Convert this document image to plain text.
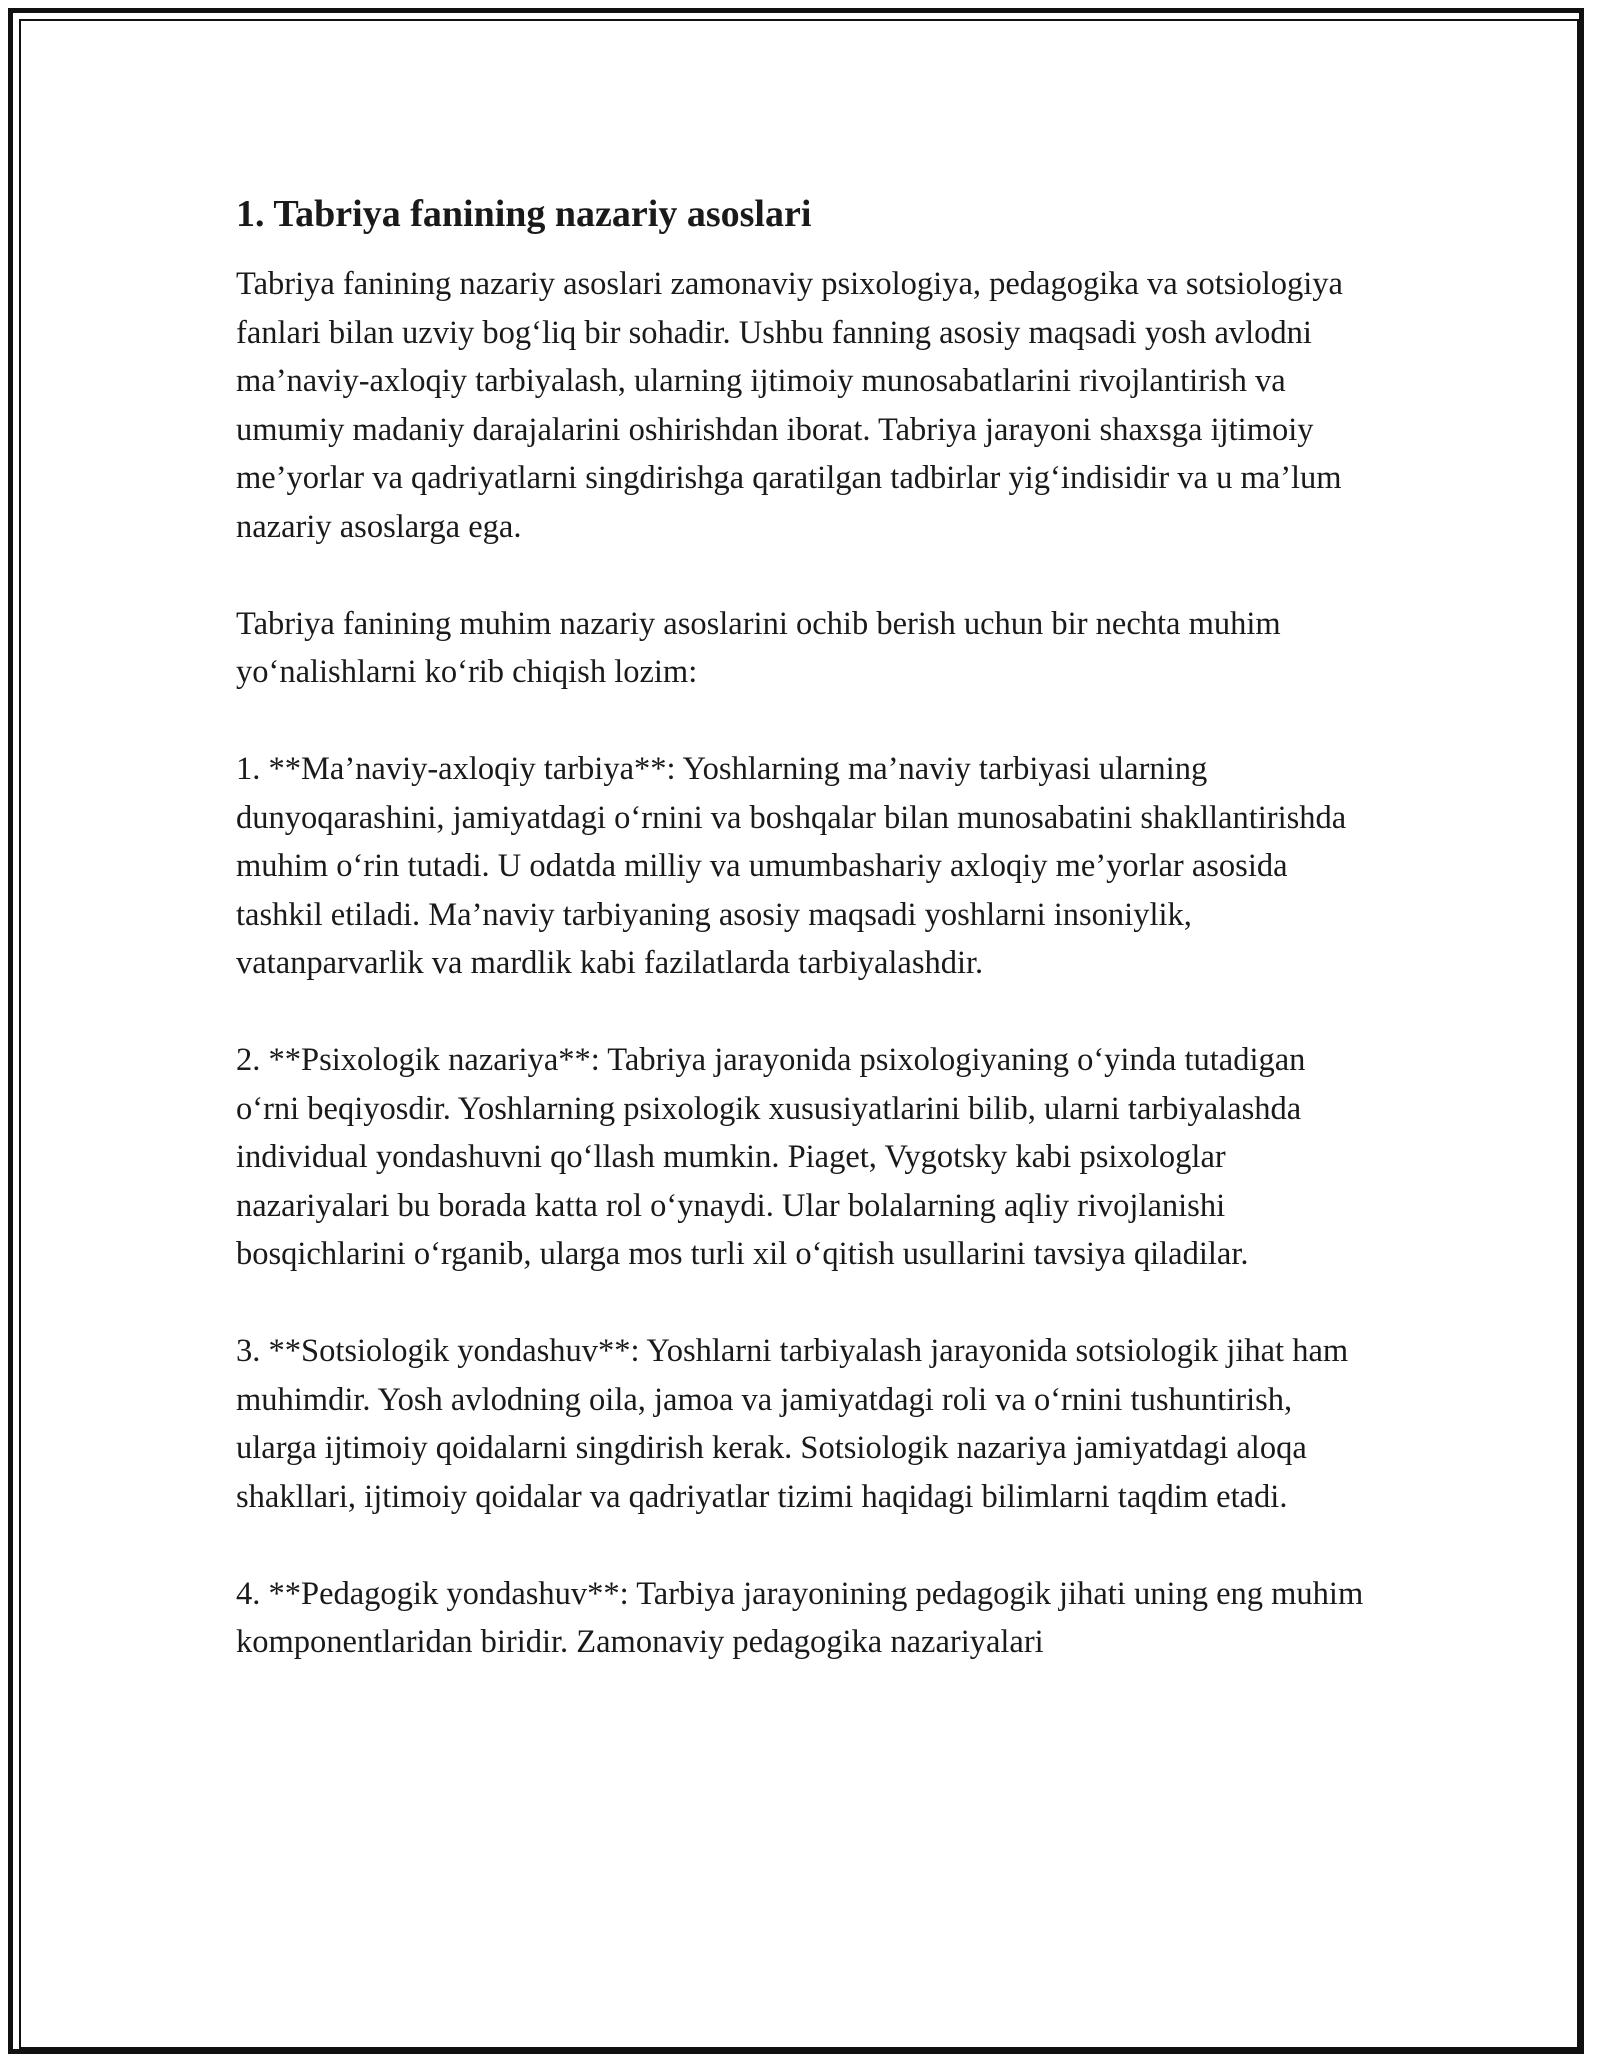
1. Tabriya fanining nazariy asoslari

Tabriya fanining nazariy asoslari zamonaviy psixologiya, pedagogika va sotsiologiya fanlari bilan uzviy bog‘liq bir sohadir. Ushbu fanning asosiy maqsadi yosh avlodni ma’naviy-axloqiy tarbiyalash, ularning ijtimoiy munosabatlarini rivojlantirish va umumiy madaniy darajalarini oshirishdan iborat. Tabriya jarayoni shaxsga ijtimoiy me’yorlar va qadriyatlarni singdirishga qaratilgan tadbirlar yig‘indisidir va u ma’lum nazariy asoslarga ega.

Tabriya fanining muhim nazariy asoslarini ochib berish uchun bir nechta muhim yo‘nalishlarni ko‘rib chiqish lozim:

1. **Ma’naviy-axloqiy tarbiya**: Yoshlarning ma’naviy tarbiyasi ularning dunyoqarashini, jamiyatdagi o‘rnini va boshqalar bilan munosabatini shakllantirishda muhim o‘rin tutadi. U odatda milliy va umumbashariy axloqiy me’yorlar asosida tashkil etiladi. Ma’naviy tarbiyaning asosiy maqsadi yoshlarni insoniylik, vatanparvarlik va mardlik kabi fazilatlarda tarbiyalashdir.

2. **Psixologik nazariya**: Tabriya jarayonida psixologiyaning o‘yinda tutadigan o‘rni beqiyosdir. Yoshlarning psixologik xususiyatlarini bilib, ularni tarbiyalashda individual yondashuvni qo‘llash mumkin. Piaget, Vygotsky kabi psixologlar nazariyalari bu borada katta rol o‘ynaydi. Ular bolalarning aqliy rivojlanishi bosqichlarini o‘rganib, ularga mos turli xil o‘qitish usullarini tavsiya qiladilar.

3. **Sotsiologik yondashuv**: Yoshlarni tarbiyalash jarayonida sotsiologik jihat ham muhimdir. Yosh avlodning oila, jamoa va jamiyatdagi roli va o‘rnini tushuntirish, ularga ijtimoiy qoidalarni singdirish kerak. Sotsiologik nazariya jamiyatdagi aloqa shakllari, ijtimoiy qoidalar va qadriyatlar tizimi haqidagi bilimlarni taqdim etadi.

4. **Pedagogik yondashuv**: Tarbiya jarayonining pedagogik jihati uning eng muhim komponentlaridan biridir. Zamonaviy pedagogika nazariyalari
